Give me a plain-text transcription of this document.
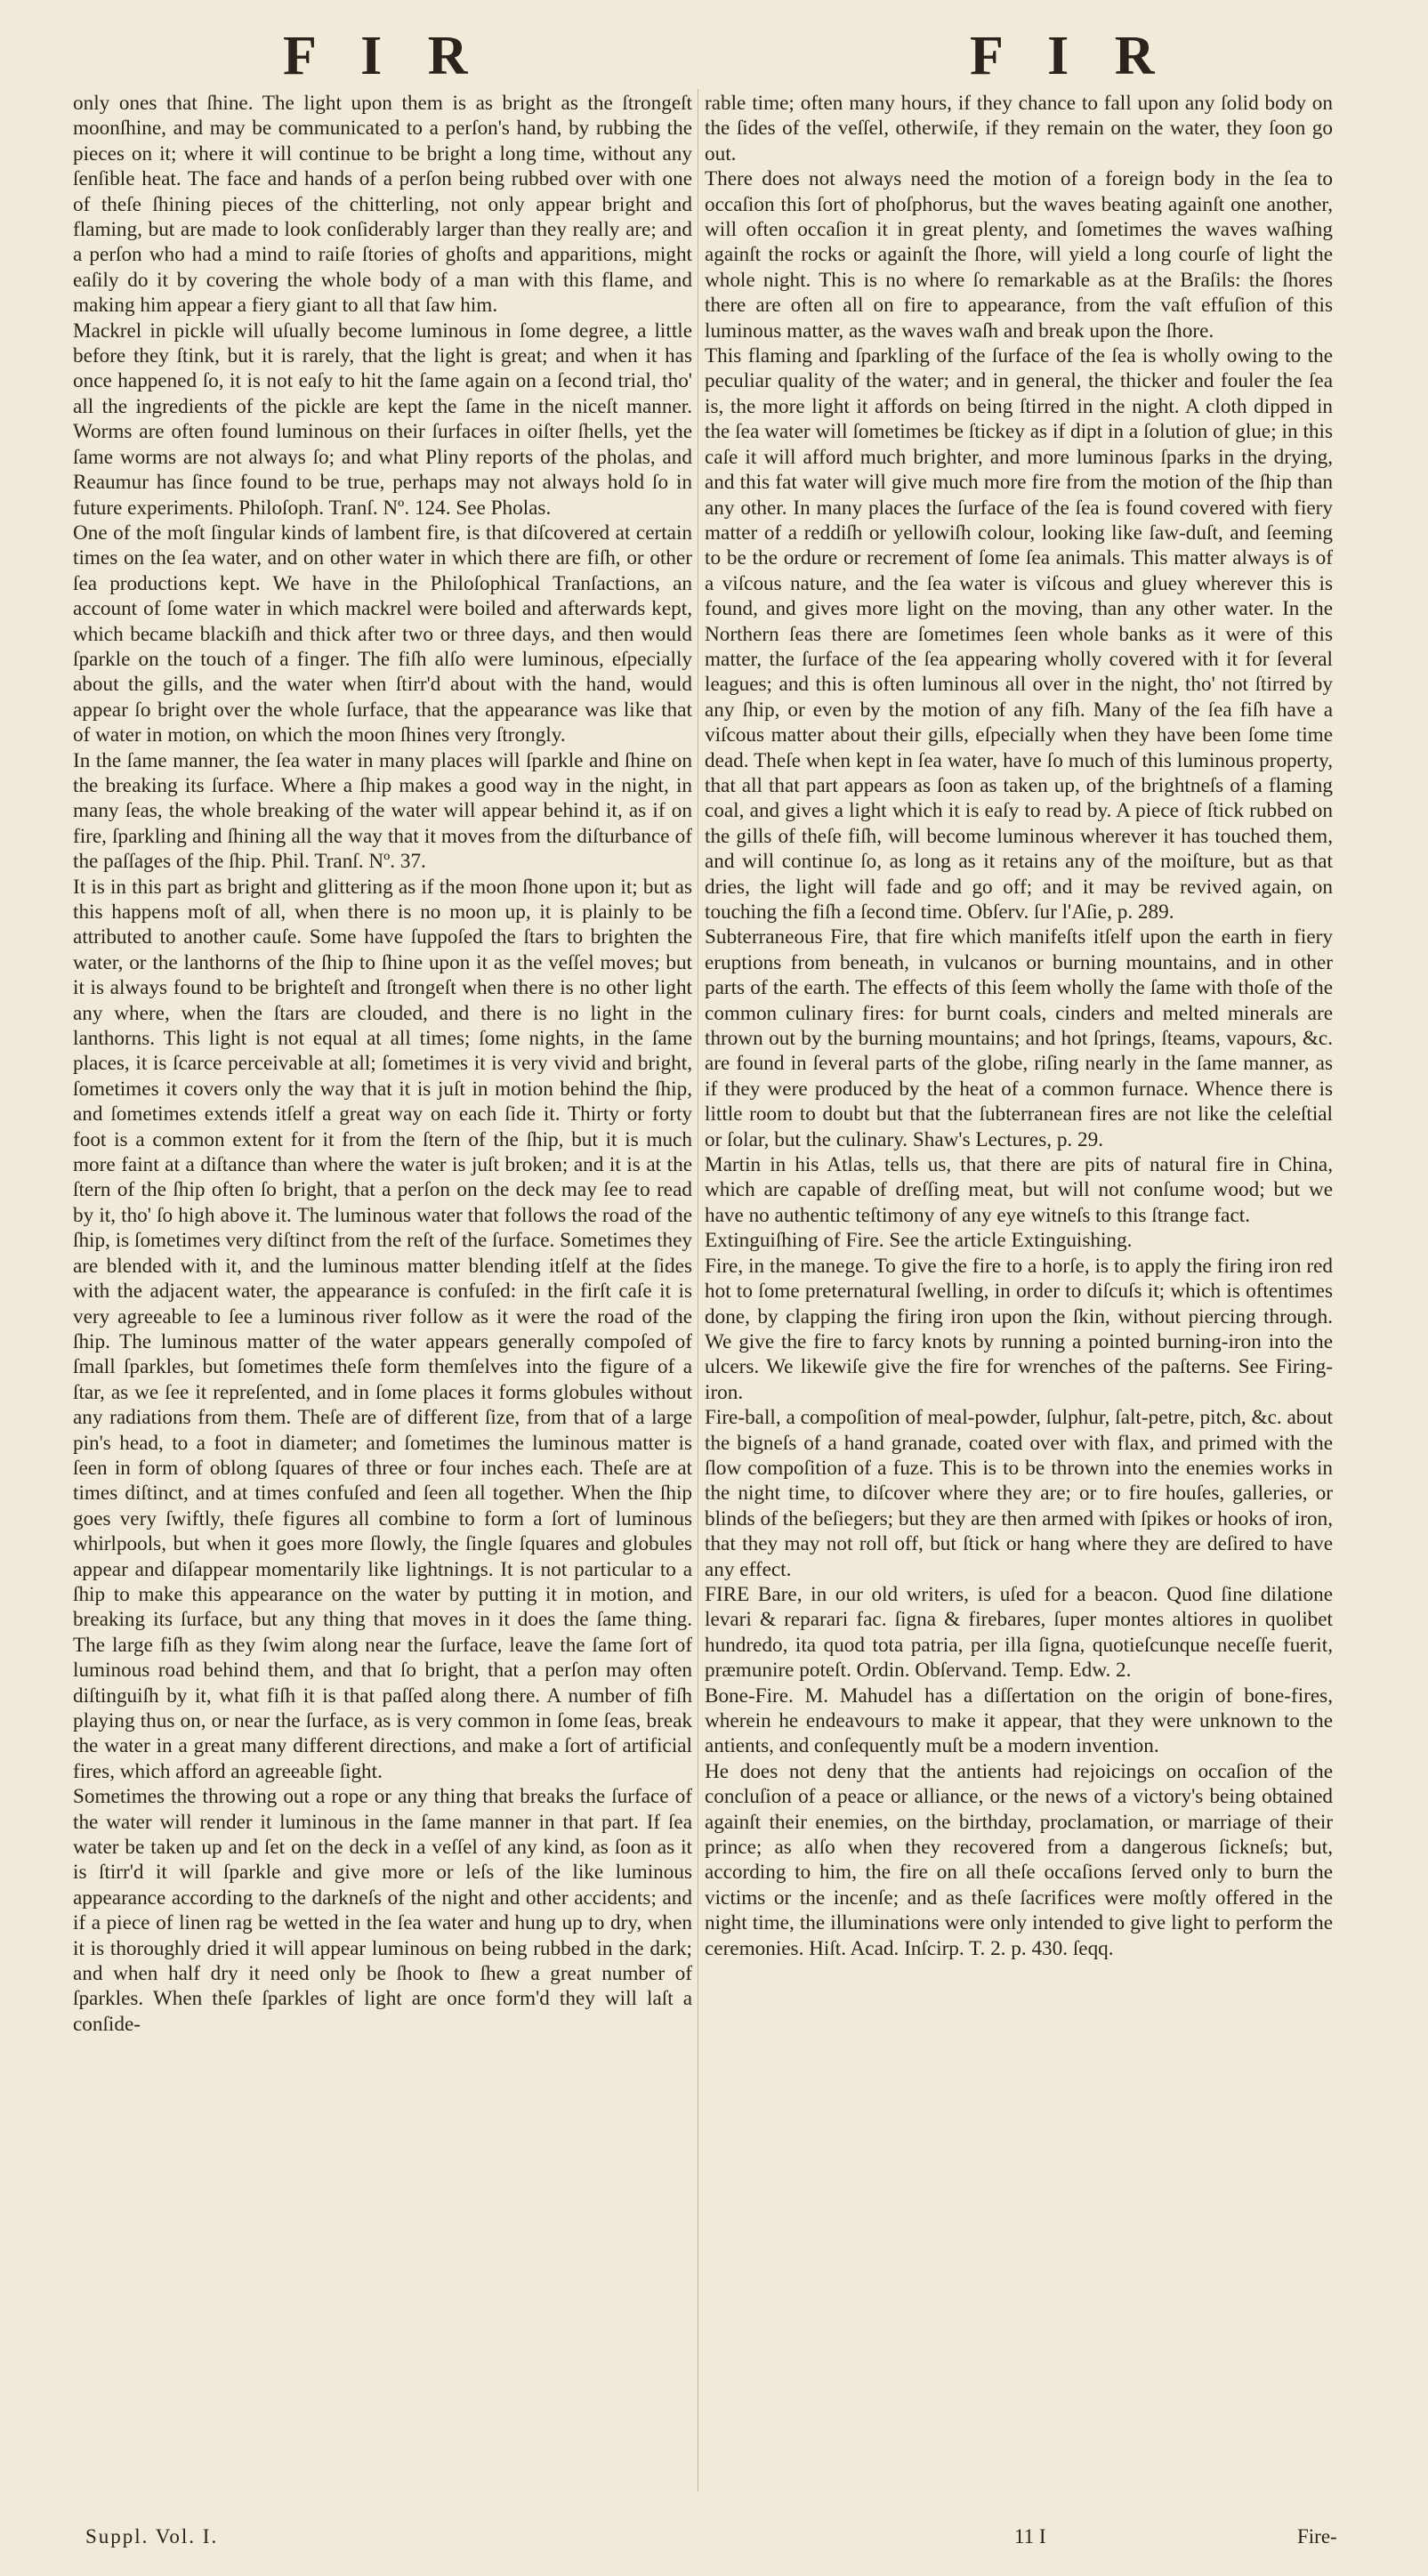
F I R	F I R

only ones that ſhine. The light upon them is as bright as the ſtrongeſt moonſhine, and may be communicated to a perſon's hand, by rubbing the pieces on it; where it will continue to be bright a long time, without any ſenſible heat. The face and hands of a perſon being rubbed over with one of theſe ſhining pieces of the chitterling, not only appear bright and flaming, but are made to look conſiderably larger than they really are; and a perſon who had a mind to raiſe ſtories of ghoſts and apparitions, might eaſily do it by covering the whole body of a man with this flame, and making him appear a fiery giant to all that ſaw him.

Mackrel in pickle will uſually become luminous in ſome degree, a little before they ſtink, but it is rarely, that the light is great; and when it has once happened ſo, it is not eaſy to hit the ſame again on a ſecond trial, tho' all the ingredients of the pickle are kept the ſame in the niceſt manner. Worms are often found luminous on their ſurfaces in oiſter ſhells, yet the ſame worms are not always ſo; and what Pliny reports of the pholas, and Reaumur has ſince found to be true, perhaps may not always hold ſo in future experiments. Philoſoph. Tranſ. Nº. 124. See Pholas.

One of the moſt ſingular kinds of lambent fire, is that diſcovered at certain times on the ſea water, and on other water in which there are fiſh, or other ſea productions kept. We have in the Philoſophical Tranſactions, an account of ſome water in which mackrel were boiled and afterwards kept, which became blackiſh and thick after two or three days, and then would ſparkle on the touch of a finger. The fiſh alſo were luminous, eſpecially about the gills, and the water when ſtirr'd about with the hand, would appear ſo bright over the whole ſurface, that the appearance was like that of water in motion, on which the moon ſhines very ſtrongly.

In the ſame manner, the ſea water in many places will ſparkle and ſhine on the breaking its ſurface. Where a ſhip makes a good way in the night, in many ſeas, the whole breaking of the water will appear behind it, as if on fire, ſparkling and ſhining all the way that it moves from the diſturbance of the paſſages of the ſhip. Phil. Tranſ. Nº. 37.

It is in this part as bright and glittering as if the moon ſhone upon it; but as this happens moſt of all, when there is no moon up, it is plainly to be attributed to another cauſe. Some have ſuppoſed the ſtars to brighten the water, or the lanthorns of the ſhip to ſhine upon it as the veſſel moves; but it is always found to be brighteſt and ſtrongeſt when there is no other light any where, when the ſtars are clouded, and there is no light in the lanthorns. This light is not equal at all times; ſome nights, in the ſame places, it is ſcarce perceivable at all; ſometimes it is very vivid and bright, ſometimes it covers only the way that it is juſt in motion behind the ſhip, and ſometimes extends itſelf a great way on each ſide it. Thirty or forty foot is a common extent for it from the ſtern of the ſhip, but it is much more faint at a diſtance than where the water is juſt broken; and it is at the ſtern of the ſhip often ſo bright, that a perſon on the deck may ſee to read by it, tho' ſo high above it. The luminous water that follows the road of the ſhip, is ſometimes very diſtinct from the reſt of the ſurface. Sometimes they are blended with it, and the luminous matter blending itſelf at the ſides with the adjacent water, the appearance is confuſed: in the firſt caſe it is very agreeable to ſee a luminous river follow as it were the road of the ſhip. The luminous matter of the water appears generally compoſed of ſmall ſparkles, but ſometimes theſe form themſelves into the figure of a ſtar, as we ſee it repreſented, and in ſome places it forms globules without any radiations from them. Theſe are of different ſize, from that of a large pin's head, to a foot in diameter; and ſometimes the luminous matter is ſeen in form of oblong ſquares of three or four inches each. Theſe are at times diſtinct, and at times confuſed and ſeen all together. When the ſhip goes very ſwiftly, theſe figures all combine to form a ſort of luminous whirlpools, but when it goes more ſlowly, the ſingle ſquares and globules appear and diſappear momentarily like lightnings. It is not particular to a ſhip to make this appearance on the water by putting it in motion, and breaking its ſurface, but any thing that moves in it does the ſame thing. The large fiſh as they ſwim along near the ſurface, leave the ſame ſort of luminous road behind them, and that ſo bright, that a perſon may often diſtinguiſh by it, what fiſh it is that paſſed along there. A number of fiſh playing thus on, or near the ſurface, as is very common in ſome ſeas, break the water in a great many different directions, and make a ſort of artificial fires, which afford an agreeable ſight.

Sometimes the throwing out a rope or any thing that breaks the ſurface of the water will render it luminous in the ſame manner in that part. If ſea water be taken up and ſet on the deck in a veſſel of any kind, as ſoon as it is ſtirr'd it will ſparkle and give more or leſs of the like luminous appearance according to the darkneſs of the night and other accidents; and if a piece of linen rag be wetted in the ſea water and hung up to dry, when it is thoroughly dried it will appear luminous on being rubbed in the dark; and when half dry it need only be ſhook to ſhew a great number of ſparkles. When theſe ſparkles of light are once form'd they will laſt a conſide-

rable time; often many hours, if they chance to fall upon any ſolid body on the ſides of the veſſel, otherwiſe, if they remain on the water, they ſoon go out.

There does not always need the motion of a foreign body in the ſea to occaſion this ſort of phoſphorus, but the waves beating againſt one another, will often occaſion it in great plenty, and ſometimes the waves waſhing againſt the rocks or againſt the ſhore, will yield a long courſe of light the whole night. This is no where ſo remarkable as at the Braſils: the ſhores there are often all on fire to appearance, from the vaſt effuſion of this luminous matter, as the waves waſh and break upon the ſhore.

This flaming and ſparkling of the ſurface of the ſea is wholly owing to the peculiar quality of the water; and in general, the thicker and fouler the ſea is, the more light it affords on being ſtirred in the night. A cloth dipped in the ſea water will ſometimes be ſtickey as if dipt in a ſolution of glue; in this caſe it will afford much brighter, and more luminous ſparks in the drying, and this fat water will give much more fire from the motion of the ſhip than any other. In many places the ſurface of the ſea is found covered with fiery matter of a reddiſh or yellowiſh colour, looking like ſaw-duſt, and ſeeming to be the ordure or recrement of ſome ſea animals. This matter always is of a viſcous nature, and the ſea water is viſcous and gluey wherever this is found, and gives more light on the moving, than any other water. In the Northern ſeas there are ſometimes ſeen whole banks as it were of this matter, the ſurface of the ſea appearing wholly covered with it for ſeveral leagues; and this is often luminous all over in the night, tho' not ſtirred by any ſhip, or even by the motion of any fiſh. Many of the ſea fiſh have a viſcous matter about their gills, eſpecially when they have been ſome time dead. Theſe when kept in ſea water, have ſo much of this luminous property, that all that part appears as ſoon as taken up, of the brightneſs of a flaming coal, and gives a light which it is eaſy to read by. A piece of ſtick rubbed on the gills of theſe fiſh, will become luminous wherever it has touched them, and will continue ſo, as long as it retains any of the moiſture, but as that dries, the light will fade and go off; and it may be revived again, on touching the fiſh a ſecond time. Obſerv. ſur l'Aſie, p. 289.

Subterraneous Fire, that fire which manifeſts itſelf upon the earth in fiery eruptions from beneath, in vulcanos or burning mountains, and in other parts of the earth. The effects of this ſeem wholly the ſame with thoſe of the common culinary fires: for burnt coals, cinders and melted minerals are thrown out by the burning mountains; and hot ſprings, ſteams, vapours, &c. are found in ſeveral parts of the globe, riſing nearly in the ſame manner, as if they were produced by the heat of a common furnace. Whence there is little room to doubt but that the ſubterranean fires are not like the celeſtial or ſolar, but the culinary. Shaw's Lectures, p. 29.

Martin in his Atlas, tells us, that there are pits of natural fire in China, which are capable of dreſſing meat, but will not conſume wood; but we have no authentic teſtimony of any eye witneſs to this ſtrange fact.

Extinguiſhing of Fire. See the article Extinguishing.

Fire, in the manege. To give the fire to a horſe, is to apply the firing iron red hot to ſome preternatural ſwelling, in order to diſcuſs it; which is oftentimes done, by clapping the firing iron upon the ſkin, without piercing through. We give the fire to farcy knots by running a pointed burning-iron into the ulcers. We likewiſe give the fire for wrenches of the paſterns. See Firing-iron.

Fire-ball, a compoſition of meal-powder, ſulphur, ſalt-petre, pitch, &c. about the bigneſs of a hand granade, coated over with flax, and primed with the ſlow compoſition of a fuze. This is to be thrown into the enemies works in the night time, to diſcover where they are; or to fire houſes, galleries, or blinds of the beſiegers; but they are then armed with ſpikes or hooks of iron, that they may not roll off, but ſtick or hang where they are deſired to have any effect.

FIRE Bare, in our old writers, is uſed for a beacon. Quod ſine dilatione levari & reparari fac. ſigna & firebares, ſuper montes altiores in quolibet hundredo, ita quod tota patria, per illa ſigna, quotieſcunque neceſſe fuerit, præmunire poteſt. Ordin. Obſervand. Temp. Edw. 2.

Bone-Fire. M. Mahudel has a diſſertation on the origin of bone-fires, wherein he endeavours to make it appear, that they were unknown to the antients, and conſequently muſt be a modern invention.

He does not deny that the antients had rejoicings on occaſion of the concluſion of a peace or alliance, or the news of a victory's being obtained againſt their enemies, on the birthday, proclamation, or marriage of their prince; as alſo when they recovered from a dangerous ſickneſs; but, according to him, the fire on all theſe occaſions ſerved only to burn the victims or the incenſe; and as theſe ſacrifices were moſtly offered in the night time, the illuminations were only intended to give light to perform the ceremonies. Hiſt. Acad. Inſcirp. T. 2. p. 430. ſeqq.

Suppl. Vol. I.	11 I	Fire-
